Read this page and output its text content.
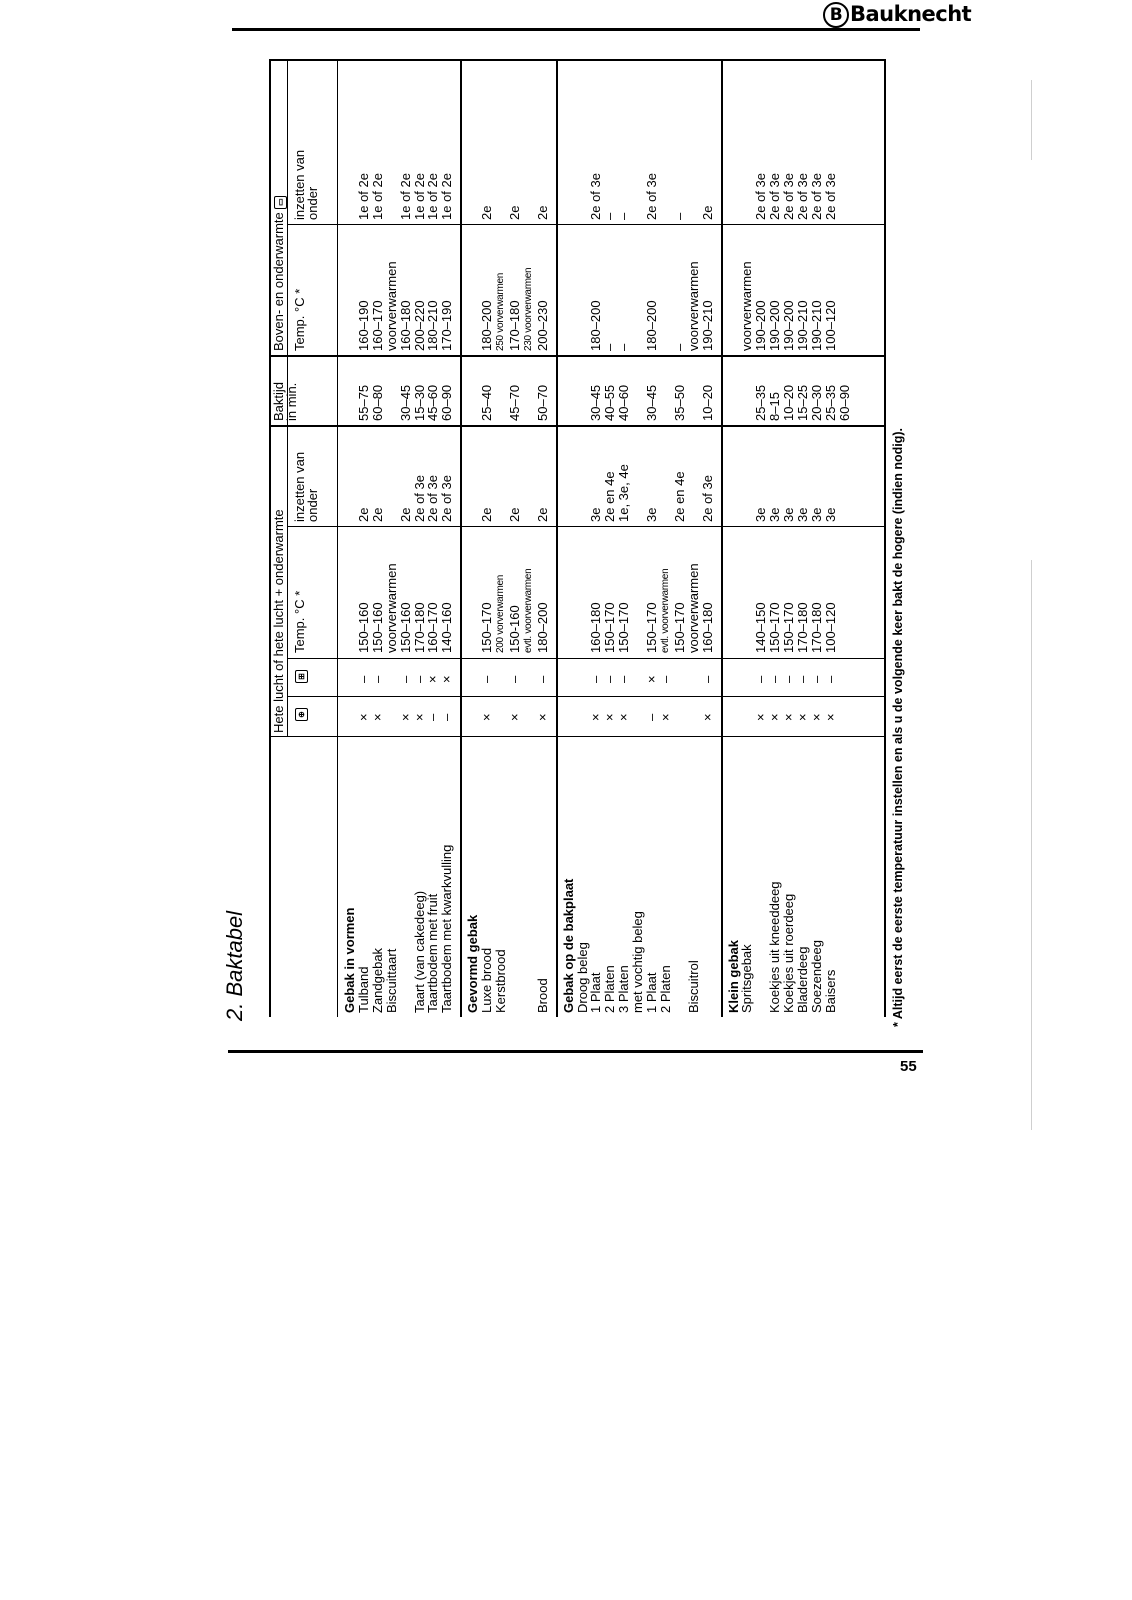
B Bauknecht
55
2. Baktabel
Hete lucht of hete lucht + onderwarmte	⊕
⊞
Temp. °C *
inzetten van onder
Baktijd in min.
Boven- en onderwarmte ▭
Temp. °C *
inzetten van onder
Gebak in vormen
Tulband
×
–
150–160
2e
55–75
160–190
1e of 2e
Zandgebak
×
–
150–160
2e
60–80
160–170
1e of 2e
Biscuittaart
voorverwarmen
voorverwarmen
×
–
150–160
2e
30–45
160–180
1e of 2e
Taart (van cakedeeg)
×
–
170–180
2e of 3e
15–30
200–220
1e of 2e
Taartbodem met fruit
–
×
160–170
2e of 3e
45–60
180–210
1e of 2e
Taartbodem met kwarkvulling
–
×
140–160
2e of 3e
60–90
170–190
1e of 2e
Gevormd gebak
Luxe brood
×
–
150–170
2e
25–40
180–200
2e
Kerstbrood
200 vorverwarmen
250 vorverwarmen
×
–
150-160
2e
45–70
170–180
2e
evtl. voorverwarmen
230 voorverwarmen
Brood
×
–
180–200
2e
50–70
200–230
2e
Gebak op de bakplaat
Droog beleg
1 Plaat
×
–
160–180
3e
30–45
180–200
2e of 3e
2 Platen
×
–
150–170
2e en 4e
40–55
–
–
3 Platen
×
–
150–170
1e, 3e, 4e
40–60
–
–
met vochtig beleg
1 Plaat
–
×
150–170
3e
30–45
180–200
2e of 3e
2 Platen
×
–
evtl. voorverwarmen 150–170
2e en 4e
35–50
–
–
Biscuitrol
voorverwarmen
voorverwarmen
×
–
160–180
2e of 3e
10–20
190–210
2e
Klein gebak
Spritsgebak
voorverwarmen
×
–
140–150
3e
25–35
190–200
2e of 3e
Koekjes uit kneeddeeg
×
–
150–170
3e
8–15
190–200
2e of 3e
Koekjes uit roerdeeg
×
–
150–170
3e
10–20
190–200
2e of 3e
Bladerdeeg
×
–
170–180
3e
15–25
190–210
2e of 3e
Soezendeeg
×
–
170–180
3e
20–30
190–210
2e of 3e
Baisers
×
–
100–120
3e
25–35
100–120
2e of 3e
60–90
* Altijd eerst de eerste temperatuur instellen en als u de volgende keer bakt de hogere (indien nodig).
